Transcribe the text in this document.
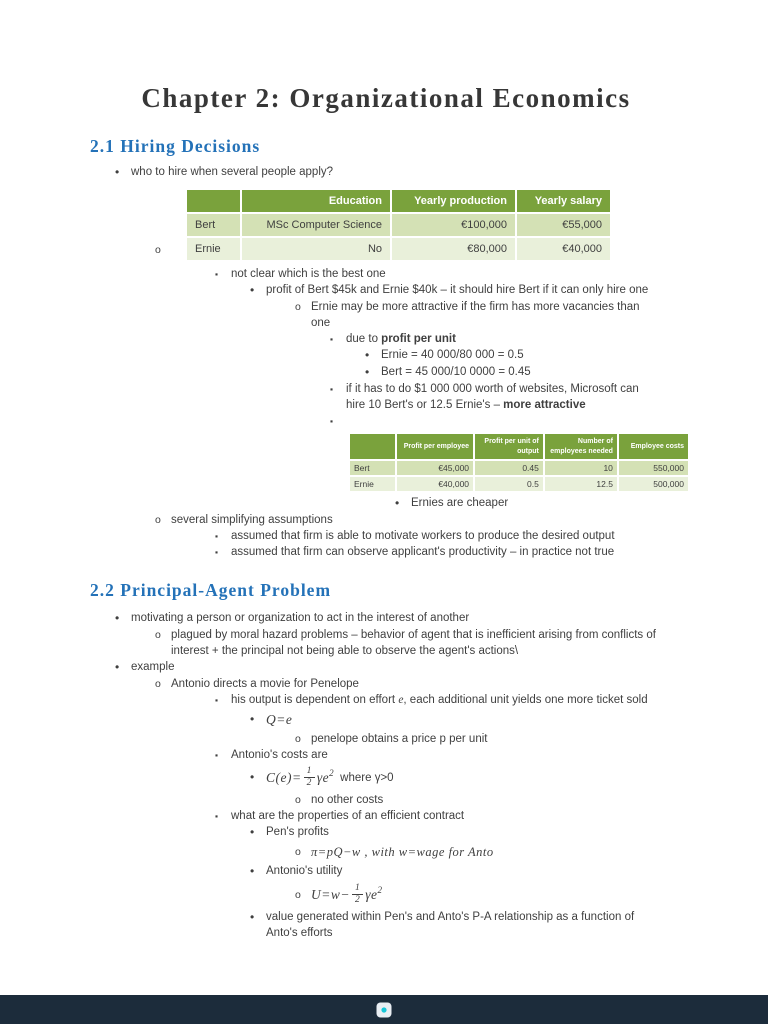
Chapter 2: Organizational Economics
2.1 Hiring Decisions
•
who to hire when several people apply?
o
	Education	Yearly production	Yearly salary
Bert	MSc Computer Science	€100,000	€55,000
Ernie	No	€80,000	€40,000
▪
not clear which is the best one
•
profit of Bert $45k and Ernie $40k – it should hire Bert if it can only hire one
o
Ernie may be more attractive if the firm has more vacancies than one
▪
due to profit per unit
•
Ernie = 40 000/80 000 = 0.5
•
Bert = 45 000/10 0000 = 0.45
▪
if it has to do $1 000 000 worth of websites, Microsoft can hire 10 Bert's or 12.5 Ernie's – more attractive
▪
	Profit per employee	Profit per unit of output	Number of employees needed	Employee costs
Bert	€45,000	0.45	10	550,000
Ernie	€40,000	0.5	12.5	500,000
•
Ernies are cheaper
o
several simplifying assumptions
▪
assumed that firm is able to motivate workers to produce the desired output
▪
assumed that firm can observe applicant's productivity – in practice not true
2.2 Principal-Agent Problem
•
motivating a person or organization to act in the interest of another
o
plagued by moral hazard problems – behavior of agent that is inefficient arising from conflicts of interest + the principal not being able to observe the agent's actions\
•
example
o
Antonio directs a movie for Penelope
▪
his output is dependent on effort e, each additional unit yields one more ticket sold
•
Q=e
o
penelope obtains a price p per unit
▪
Antonio's costs are
•
$C(e)= \frac{1}{2}$ γe 2 where γ>0
o
no other costs
▪
what are the properties of an efficient contract
•
Pen's profits
o
π=pQ−w , with w=wage for Anto
•
Antonio's utility
o
$U=w- \frac{1}{2}$ γe 2
•
value generated within Pen's and Anto's P-A relationship as a function of Anto's efforts
